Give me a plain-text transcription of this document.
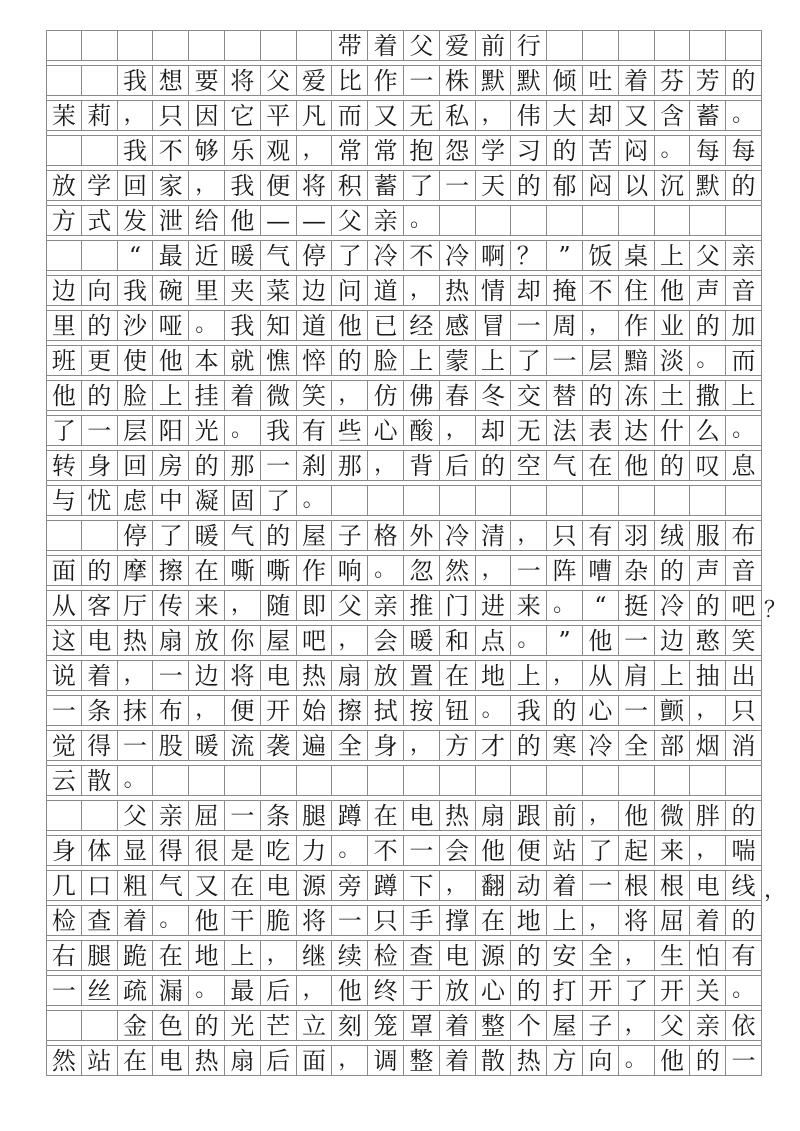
带 着 父 爱 前 行
我 想 要 将 父 爱 比 作 一 株 默 默 倾 吐 着 芬 芳 的
茉 莉 ， 只 因 它 平 凡 而 又 无 私 ， 伟 大 却 又 含 蓄 。
我 不 够 乐 观 ， 常 常 抱 怨 学 习 的 苦 闷 。 每 每
放 学 回 家 ， 我 便 将 积 蓄 了 一 天 的 郁 闷 以 沉 默 的
方 式 发 泄 给 他 — — 父 亲 。
“ 最 近 暖 气 停 了 冷 不 冷 啊 ？ ” 饭 桌 上 父 亲
边 向 我 碗 里 夹 菜 边 问 道 ， 热 情 却 掩 不 住 他 声 音
里 的 沙 哑 。 我 知 道 他 已 经 感 冒 一 周 ， 作 业 的 加
班 更 使 他 本 就 憔 悴 的 脸 上 蒙 上 了 一 层 黯 淡 。 而
他 的 脸 上 挂 着 微 笑 ， 仿 佛 春 冬 交 替 的 冻 土 撒 上
了 一 层 阳 光 。 我 有 些 心 酸 ， 却 无 法 表 达 什 么 。
转 身 回 房 的 那 一 刹 那 ， 背 后 的 空 气 在 他 的 叹 息
与 忧 虑 中 凝 固 了 。
停 了 暖 气 的 屋 子 格 外 冷 清 ， 只 有 羽 绒 服 布
面 的 摩 擦 在 嘶 嘶 作 响 。 忽 然 ， 一 阵 嘈 杂 的 声 音
从 客 厅 传 来 ， 随 即 父 亲 推 门 进 来 。 “ 挺 冷 的 吧 ？
这 电 热 扇 放 你 屋 吧 ， 会 暖 和 点 。 ” 他 一 边 憨 笑
说 着 ， 一 边 将 电 热 扇 放 置 在 地 上 ， 从 肩 上 抽 出
一 条 抹 布 ， 便 开 始 擦 拭 按 钮 。 我 的 心 一 颤 ， 只
觉 得 一 股 暖 流 袭 遍 全 身 ， 方 才 的 寒 冷 全 部 烟 消
云 散 。
父 亲 屈 一 条 腿 蹲 在 电 热 扇 跟 前 ， 他 微 胖 的
身 体 显 得 很 是 吃 力 。 不 一 会 他 便 站 了 起 来 ， 喘
几 口 粗 气 又 在 电 源 旁 蹲 下 ， 翻 动 着 一 根 根 电 线 ，
检 查 着 。 他 干 脆 将 一 只 手 撑 在 地 上 ， 将 屈 着 的
右 腿 跪 在 地 上 ， 继 续 检 查 电 源 的 安 全 ， 生 怕 有
一 丝 疏 漏 。 最 后 ， 他 终 于 放 心 的 打 开 了 开 关 。
金 色 的 光 芒 立 刻 笼 罩 着 整 个 屋 子 ， 父 亲 依
然 站 在 电 热 扇 后 面 ， 调 整 着 散 热 方 向 。 他 的 一
